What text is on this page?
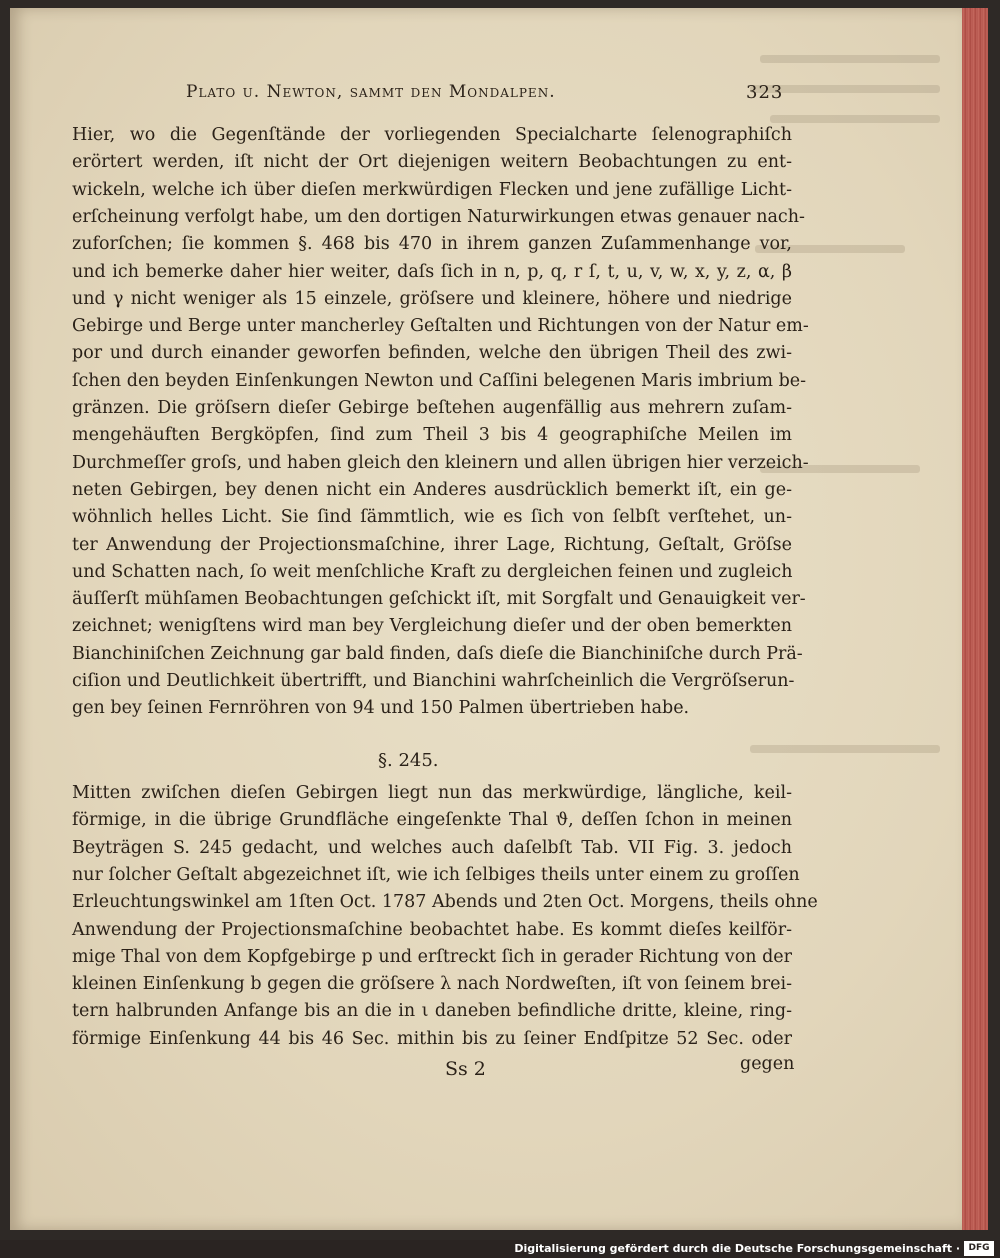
Plato u. Newton, sammt den Mondalpen.	323
Hier, wo die Gegenſtände der vorliegenden Specialcharte ſelenographiſch
erörtert werden, iſt nicht der Ort diejenigen weitern Beobachtungen zu ent-
wickeln, welche ich über dieſen merkwürdigen Flecken und jene zufällige Licht-
erſcheinung verfolgt habe, um den dortigen Naturwirkungen etwas genauer nach-
zuforſchen; ſie kommen §. 468 bis 470 in ihrem ganzen Zuſammenhange vor,
und ich bemerke daher hier weiter, daſs ſich in n, p, q, r ſ, t, u, v, w, x, y, z, α, β
und γ nicht weniger als 15 einzele, gröſsere und kleinere, höhere und niedrige
Gebirge und Berge unter mancherley Geſtalten und Richtungen von der Natur em-
por und durch einander geworfen befinden, welche den übrigen Theil des zwi-
ſchen den beyden Einſenkungen Newton und Caſſini belegenen Maris imbrium be-
gränzen. Die gröſsern dieſer Gebirge beſtehen augenfällig aus mehrern zuſam-
mengehäuften Bergköpfen, ſind zum Theil 3 bis 4 geographiſche Meilen im
Durchmeſſer groſs, und haben gleich den kleinern und allen übrigen hier verzeich-
neten Gebirgen, bey denen nicht ein Anderes ausdrücklich bemerkt iſt, ein ge-
wöhnlich helles Licht. Sie ſind ſämmtlich, wie es ſich von ſelbſt verſtehet, un-
ter Anwendung der Projectionsmaſchine, ihrer Lage, Richtung, Geſtalt, Gröſse
und Schatten nach, ſo weit menſchliche Kraft zu dergleichen feinen und zugleich
äuſſerſt mühſamen Beobachtungen geſchickt iſt, mit Sorgfalt und Genauigkeit ver-
zeichnet; wenigſtens wird man bey Vergleichung dieſer und der oben bemerkten
Bianchiniſchen Zeichnung gar bald finden, daſs dieſe die Bianchiniſche durch Prä-
ciſion und Deutlichkeit übertrifft, und Bianchini wahrſcheinlich die Vergröſserun-
gen bey ſeinen Fernröhren von 94 und 150 Palmen übertrieben habe.
§. 245.
Mitten zwiſchen dieſen Gebirgen liegt nun das merkwürdige, längliche, keil-
förmige, in die übrige Grundfläche eingeſenkte Thal ϑ, deſſen ſchon in meinen
Beyträgen S. 245 gedacht, und welches auch daſelbſt Tab. VII Fig. 3. jedoch
nur ſolcher Geſtalt abgezeichnet iſt, wie ich ſelbiges theils unter einem zu groſſen
Erleuchtungswinkel am 1ſten Oct. 1787 Abends und 2ten Oct. Morgens, theils ohne
Anwendung der Projectionsmaſchine beobachtet habe. Es kommt dieſes keilför-
mige Thal von dem Kopfgebirge p und erſtreckt ſich in gerader Richtung von der
kleinen Einſenkung b gegen die gröſsere λ nach Nordweſten, iſt von ſeinem brei-
tern halbrunden Anfange bis an die in ι daneben befindliche dritte, kleine, ring-
förmige Einſenkung 44 bis 46 Sec. mithin bis zu ſeiner Endſpitze 52 Sec. oder
Ss 2	gegen
Digitalisierung gefördert durch die Deutsche Forschungsgemeinschaft · DFG
